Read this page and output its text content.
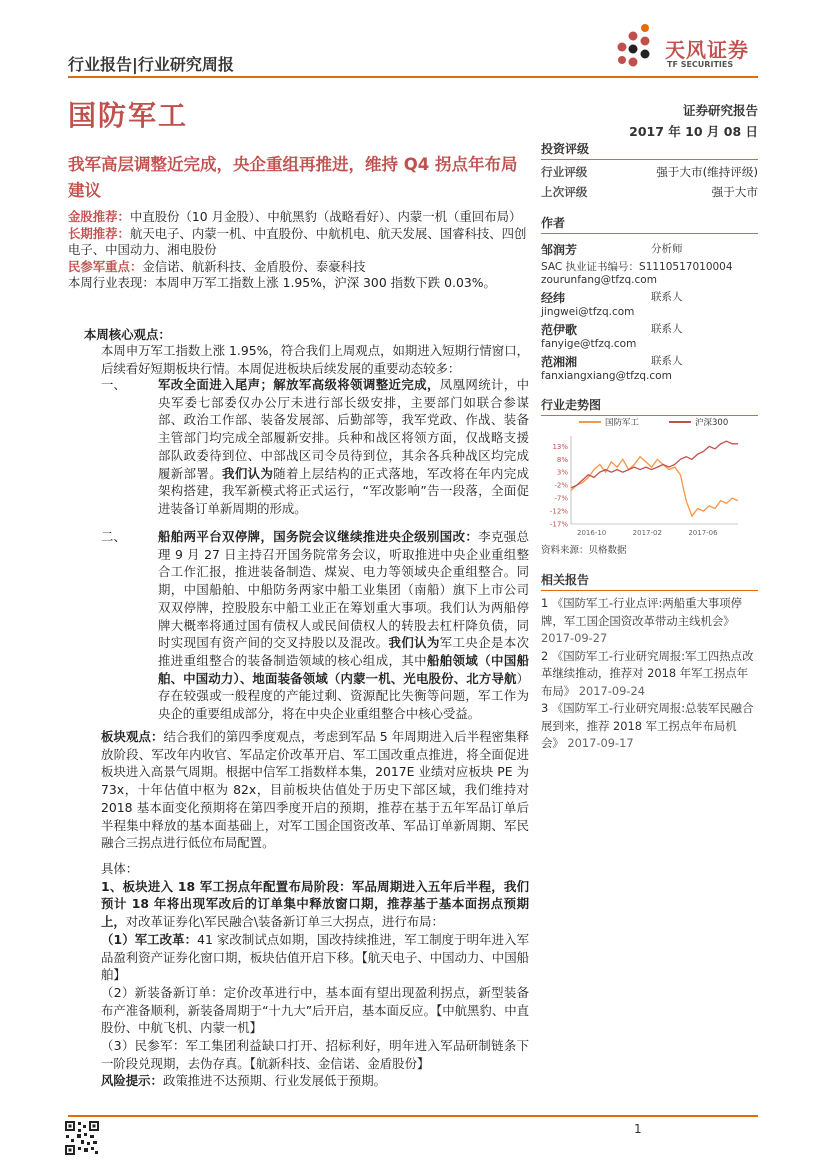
行业报告|行业研究周报
天风证券
TF SECURITIES
国防军工	证券研究报告
2017 年 10 月 08 日
我军高层调整近完成，央企重组再推进，维持 Q4 拐点年布局建议
金股推荐：中直股份（10 月金股）、中航黑豹（战略看好）、内蒙一机（重回布局）
长期推荐：航天电子、内蒙一机、中直股份、中航机电、航天发展、国睿科技、四创电子、中国动力、湘电股份
民参军重点：金信诺、航新科技、金盾股份、泰豪科技
本周行业表现：本周申万军工指数上涨 1.95%，沪深 300 指数下跌 0.03%。
本周核心观点：
本周申万军工指数上涨 1.95%，符合我们上周观点，如期进入短期行情窗口，后续看好短期板块行情。本周促进板块后续发展的重要动态较多：
一、	军改全面进入尾声；解放军高级将领调整近完成，凤凰网统计，中央军委七部委仅办公厅未进行部长级安排，主要部门如联合参谋部、政治工作部、装备发展部、后勤部等，我军党政、作战、装备主管部门均完成全部履新安排。兵种和战区将领方面，仅战略支援部队政委待到位、中部战区司令员待到位，其余各兵种战区均完成履新部署。我们认为随着上层结构的正式落地，军改将在年内完成架构搭建，我军新模式将正式运行，“军改影响”告一段落，全面促进装备订单新周期的形成。
二、	船舶两平台双停牌，国务院会议继续推进央企级别国改：李克强总理 9 月 27 日主持召开国务院常务会议，听取推进中央企业重组整合工作汇报，推进装备制造、煤炭、电力等领域央企重组整合。同期，中国船舶、中船防务两家中船工业集团（南船）旗下上市公司双双停牌，控股股东中船工业正在筹划重大事项。我们认为两船停牌大概率将通过国有债权人或民间债权人的转股去杠杆降负债，同时实现国有资产间的交叉持股以及混改。我们认为军工央企是本次推进重组整合的装备制造领域的核心组成，其中船舶领域（中国船舶、中国动力）、地面装备领域（内蒙一机、光电股份、北方导航）存在较强或一般程度的产能过剩、资源配比失衡等问题，军工作为央企的重要组成部分，将在中央企业重组整合中核心受益。
板块观点：结合我们的第四季度观点，考虑到军品 5 年周期进入后半程密集释放阶段、军改年内收官、军品定价改革开启、军工国改重点推进，将全面促进板块进入高景气周期。根据中信军工指数样本集，2017E 业绩对应板块 PE 为 73x，十年估值中枢为 82x，目前板块估值处于历史下部区域，我们维持对 2018 基本面变化预期将在第四季度开启的预期，推荐在基于五年军品订单后半程集中释放的基本面基础上，对军工国企国资改革、军品订单新周期、军民融合三拐点进行低位布局配置。
具体：
1、板块进入 18 军工拐点年配置布局阶段：军品周期进入五年后半程，我们预计 18 年将出现军改后的订单集中释放窗口期，推荐基于基本面拐点预期上，对改革证券化\军民融合\装备新订单三大拐点，进行布局：
（1）军工改革：41 家改制试点如期，国改持续推进，军工制度于明年进入军品盈利资产证券化窗口期，板块估值开启下移。【航天电子、中国动力、中国船舶】
（2）新装备新订单：定价改革进行中，基本面有望出现盈利拐点，新型装备布产准备顺利，新装备周期于“十九大”后开启，基本面反应。【中航黑豹、中直股份、中航飞机、内蒙一机】
（3）民参军：军工集团利益缺口打开、招标利好，明年进入军品研制链条下一阶段兑现期，去伪存真。【航新科技、金信诺、金盾股份】
风险提示：政策推进不达预期、行业发展低于预期。
投资评级
行业评级	强于大市(维持评级)
上次评级	强于大市
作者
邹润芳	分析师
SAC 执业证书编号：S1110517010004
zourunfang@tfzq.com
经纬	联系人
jingwei@tfzq.com
范伊歌	联系人
fanyige@tfzq.com
范湘湘	联系人
fanxiangxiang@tfzq.com
行业走势图
国防军工	沪深300
13%
8%
3%
-2%
-7%
-12%
-17%
2016-10	2017-02	2017-06
资料来源：贝格数据
相关报告
1 《国防军工-行业点评:两船重大事项停牌，军工国企国资改革带动主线机会》 2017-09-27
2 《国防军工-行业研究周报:军工四热点改革继续推动，推荐对 2018 年军工拐点年布局》 2017-09-24
3 《国防军工-行业研究周报:总装军民融合展到来，推荐 2018 军工拐点年布局机会》 2017-09-17
1
